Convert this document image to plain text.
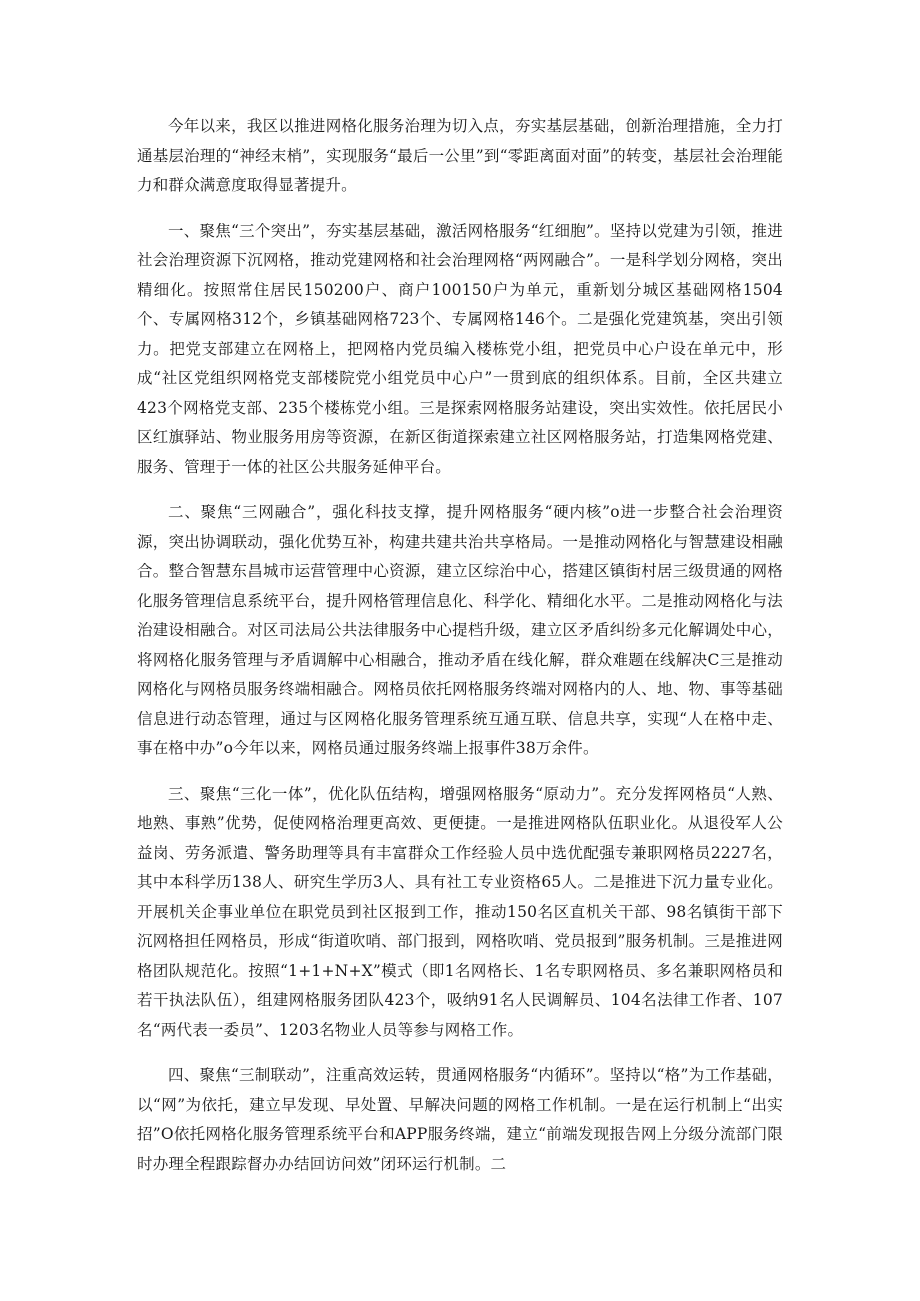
今年以来，我区以推进网格化服务治理为切入点，夯实基层基础，创新治理措施，全力打通基层治理的“神经末梢”，实现服务“最后一公里”到“零距离面对面”的转变，基层社会治理能力和群众满意度取得显著提升。

一、聚焦“三个突出”，夯实基层基础，激活网格服务“红细胞”。坚持以党建为引领，推进社会治理资源下沉网格，推动党建网格和社会治理网格“两网融合”。一是科学划分网格，突出精细化。按照常住居民150200户、商户100150户为单元，重新划分城区基础网格1504个、专属网格312个，乡镇基础网格723个、专属网格146个。二是强化党建筑基，突出引领力。把党支部建立在网格上，把网格内党员编入楼栋党小组，把党员中心户设在单元中，形成“社区党组织网格党支部楼院党小组党员中心户”一贯到底的组织体系。目前，全区共建立423个网格党支部、235个楼栋党小组。三是探索网格服务站建设，突出实效性。依托居民小区红旗驿站、物业服务用房等资源，在新区街道探索建立社区网格服务站，打造集网格党建、服务、管理于一体的社区公共服务延伸平台。

二、聚焦“三网融合”，强化科技支撑，提升网格服务“硬内核”o进一步整合社会治理资源，突出协调联动，强化优势互补，构建共建共治共享格局。一是推动网格化与智慧建设相融合。整合智慧东昌城市运营管理中心资源，建立区综治中心，搭建区镇街村居三级贯通的网格化服务管理信息系统平台，提升网格管理信息化、科学化、精细化水平。二是推动网格化与法治建设相融合。对区司法局公共法律服务中心提档升级，建立区矛盾纠纷多元化解调处中心，将网格化服务管理与矛盾调解中心相融合，推动矛盾在线化解，群众难题在线解决C三是推动网格化与网格员服务终端相融合。网格员依托网格服务终端对网格内的人、地、物、事等基础信息进行动态管理，通过与区网格化服务管理系统互通互联、信息共享，实现“人在格中走、事在格中办”o今年以来，网格员通过服务终端上报事件38万余件。

三、聚焦“三化一体”，优化队伍结构，增强网格服务“原动力”。充分发挥网格员“人熟、地熟、事熟”优势，促使网格治理更高效、更便捷。一是推进网格队伍职业化。从退役军人公益岗、劳务派遣、警务助理等具有丰富群众工作经验人员中选优配强专兼职网格员2227名，其中本科学历138人、研究生学历3人、具有社工专业资格65人。二是推进下沉力量专业化。开展机关企事业单位在职党员到社区报到工作，推动150名区直机关干部、98名镇街干部下沉网格担任网格员，形成“街道吹哨、部门报到，网格吹哨、党员报到”服务机制。三是推进网格团队规范化。按照“1+1+N+X”模式（即1名网格长、1名专职网格员、多名兼职网格员和若干执法队伍），组建网格服务团队423个，吸纳91名人民调解员、104名法律工作者、107名“两代表一委员”、1203名物业人员等参与网格工作。

四、聚焦“三制联动”，注重高效运转，贯通网格服务“内循环”。坚持以“格”为工作基础，以“网”为依托，建立早发现、早处置、早解决问题的网格工作机制。一是在运行机制上“出实招”O依托网格化服务管理系统平台和APP服务终端，建立“前端发现报告网上分级分流部门限时办理全程跟踪督办办结回访问效”闭环运行机制。二
